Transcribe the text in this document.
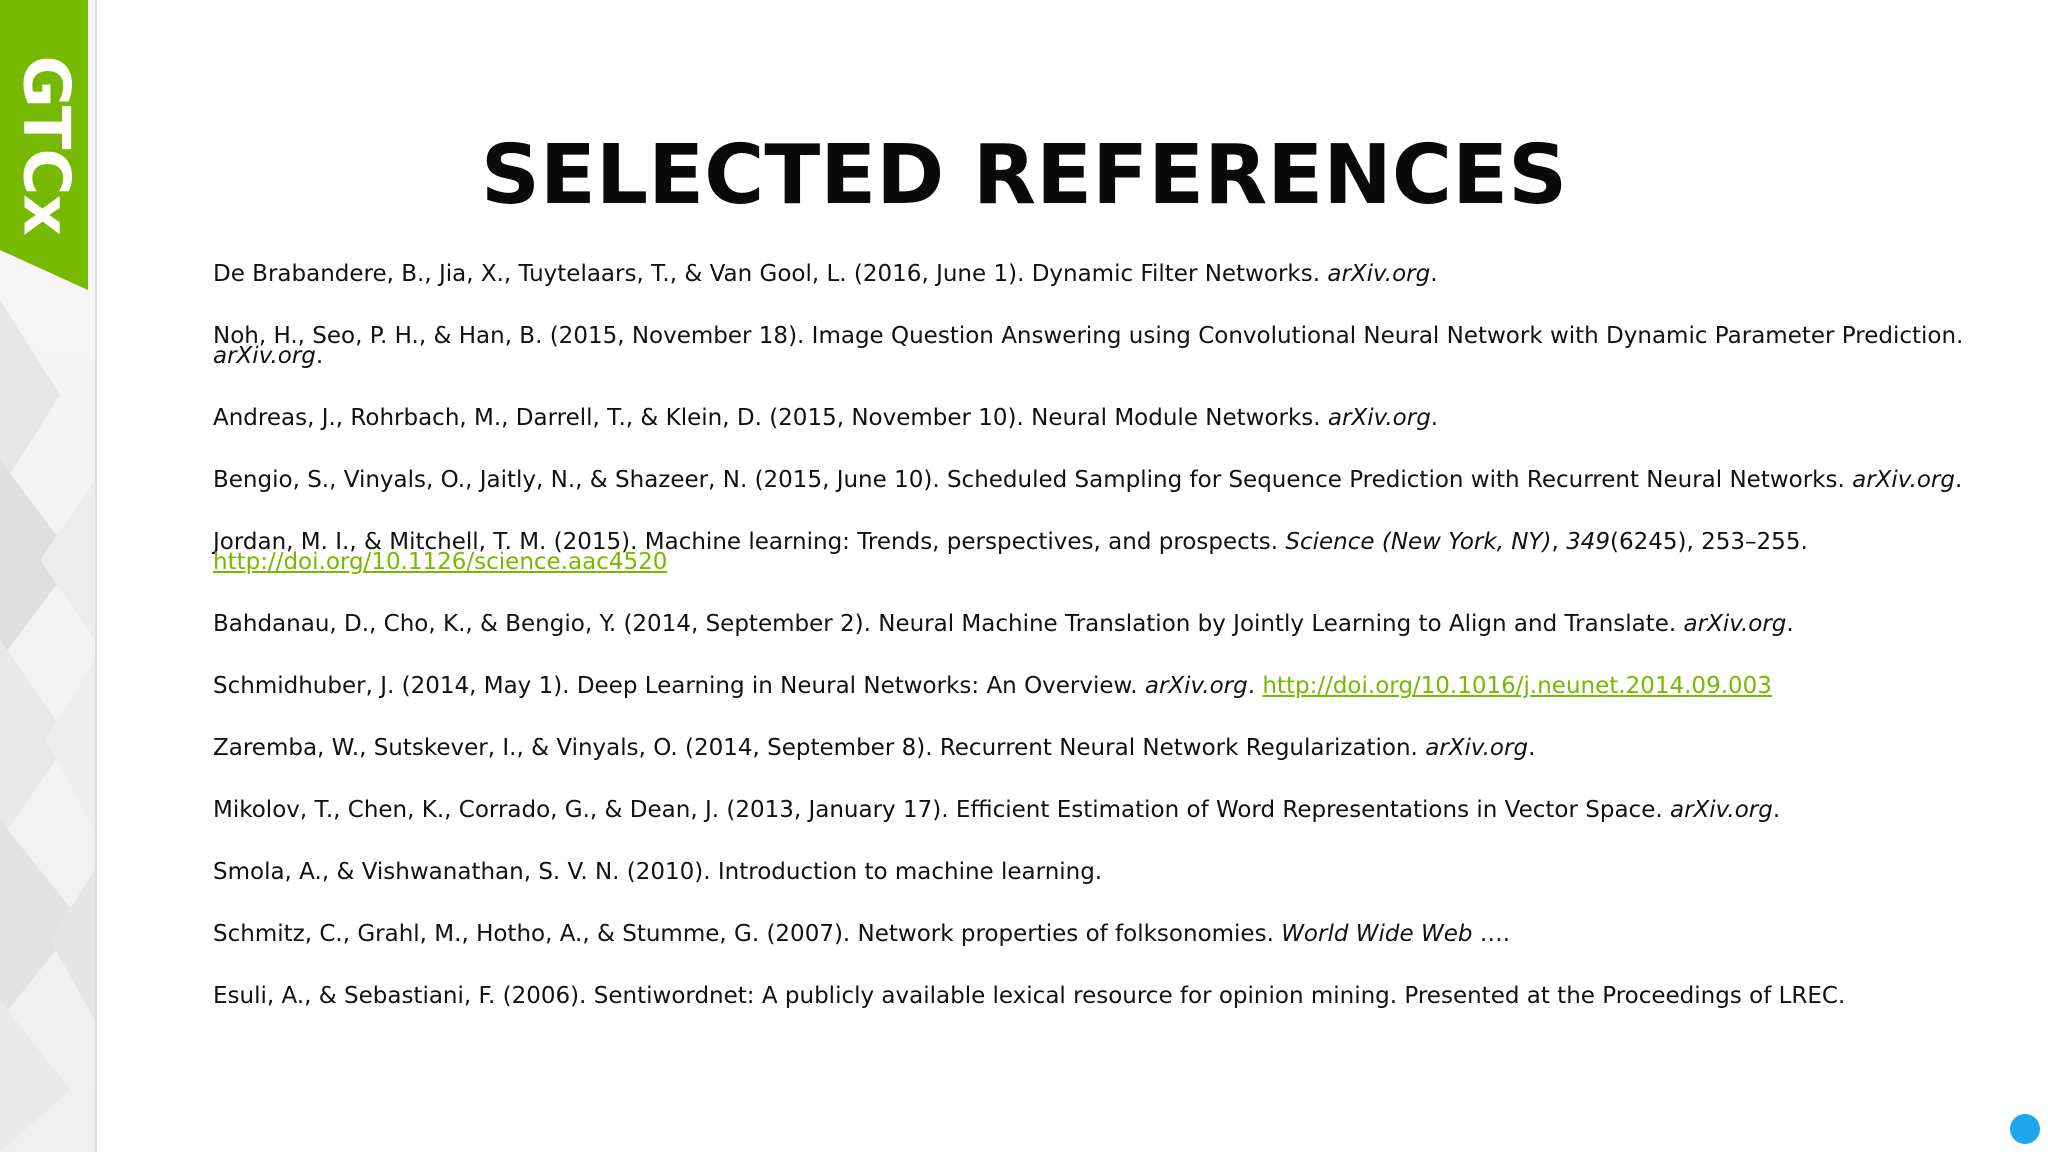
GTCx	SELECTED REFERENCES
De Brabandere, B., Jia, X., Tuytelaars, T., & Van Gool, L. (2016, June 1). Dynamic Filter Networks. arXiv.org.
Noh, H., Seo, P. H., & Han, B. (2015, November 18). Image Question Answering using Convolutional Neural Network with Dynamic Parameter Prediction.
arXiv.org.
Andreas, J., Rohrbach, M., Darrell, T., & Klein, D. (2015, November 10). Neural Module Networks. arXiv.org.
Bengio, S., Vinyals, O., Jaitly, N., & Shazeer, N. (2015, June 10). Scheduled Sampling for Sequence Prediction with Recurrent Neural Networks. arXiv.org.
Jordan, M. I., & Mitchell, T. M. (2015). Machine learning: Trends, perspectives, and prospects. Science (New York, NY), 349(6245), 253–255.
http://doi.org/10.1126/science.aac4520
Bahdanau, D., Cho, K., & Bengio, Y. (2014, September 2). Neural Machine Translation by Jointly Learning to Align and Translate. arXiv.org.
Schmidhuber, J. (2014, May 1). Deep Learning in Neural Networks: An Overview. arXiv.org. http://doi.org/10.1016/j.neunet.2014.09.003
Zaremba, W., Sutskever, I., & Vinyals, O. (2014, September 8). Recurrent Neural Network Regularization. arXiv.org.
Mikolov, T., Chen, K., Corrado, G., & Dean, J. (2013, January 17). Efficient Estimation of Word Representations in Vector Space. arXiv.org.
Smola, A., & Vishwanathan, S. V. N. (2010). Introduction to machine learning.
Schmitz, C., Grahl, M., Hotho, A., & Stumme, G. (2007). Network properties of folksonomies. World Wide Web ….
Esuli, A., & Sebastiani, F. (2006). Sentiwordnet: A publicly available lexical resource for opinion mining. Presented at the Proceedings of LREC.
